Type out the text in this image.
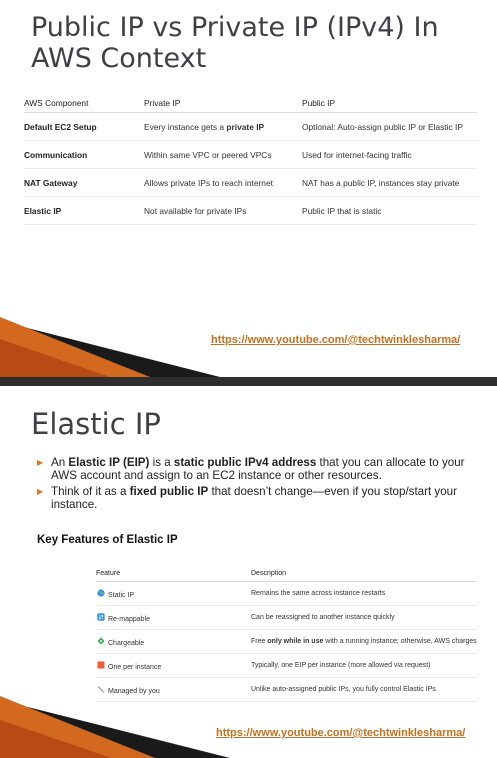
Public IP vs Private IP (IPv4) In AWS Context
AWS Component	Private IP	Public IP
Default EC2 Setup	Every instance gets a private IP	Optional: Auto-assign public IP or Elastic IP
Communication	Within same VPC or peered VPCs	Used for internet-facing traffic
NAT Gateway	Allows private IPs to reach internet	NAT has a public IP, instances stay private
Elastic IP	Not available for private IPs	Public IP that is static
https://www.youtube.com/@techtwinklesharma/
Elastic IP
▶ An Elastic IP (EIP) is a static public IPv4 address that you can allocate to your AWS account and assign to an EC2 instance or other resources.
▶ Think of it as a fixed public IP that doesn’t change—even if you stop/start your instance.
Key Features of Elastic IP
Feature	Description
Static IP	Remains the same across instance restarts
Re-mappable	Can be reassigned to another instance quickly
Chargeable	Free only while in use with a running instance; otherwise, AWS charges
One per instance	Typically, one EIP per instance (more allowed via request)
Managed by you	Unlike auto-assigned public IPs, you fully control Elastic IPs
https://www.youtube.com/@techtwinklesharma/
